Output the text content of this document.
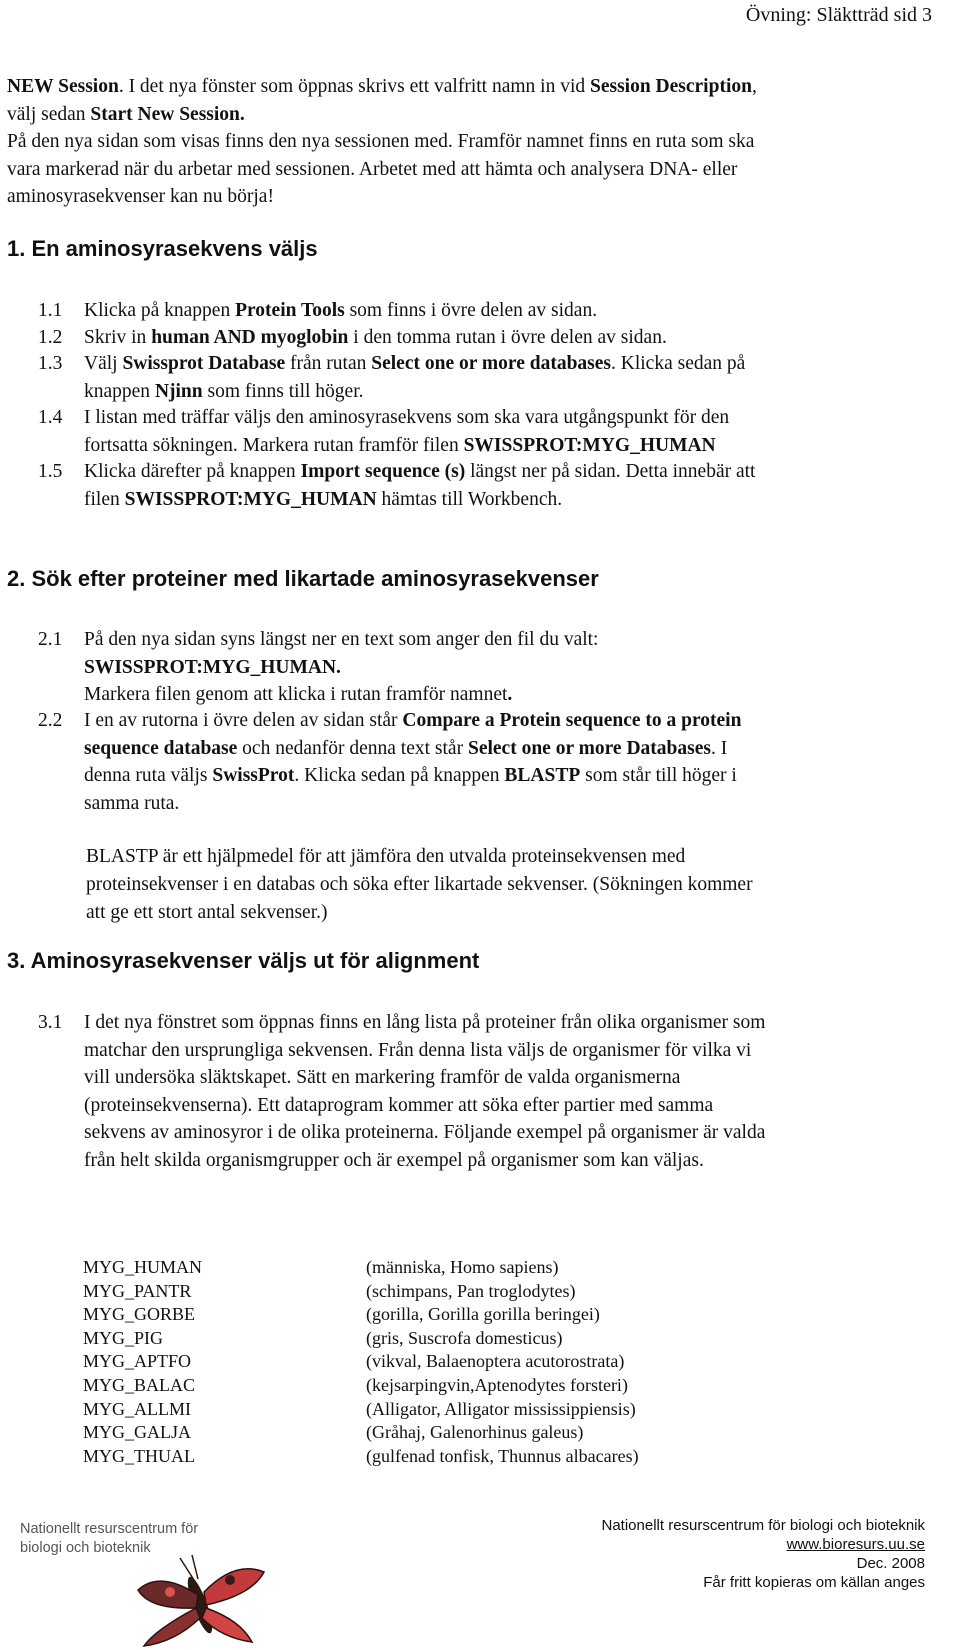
Övning: Släktträd sid 3
NEW Session. I det nya fönster som öppnas skrivs ett valfritt namn in vid Session Description,
välj sedan Start New Session.
På den nya sidan som visas finns den nya sessionen med. Framför namnet finns en ruta som ska
vara markerad när du arbetar med sessionen. Arbetet med att hämta och analysera DNA- eller
aminosyrasekvenser kan nu börja!
1. En aminosyrasekvens väljs
1.1 Klicka på knappen Protein Tools som finns i övre delen av sidan.
1.2 Skriv in human AND myoglobin i den tomma rutan i övre delen av sidan.
1.3 Välj Swissprot Database från rutan Select one or more databases. Klicka sedan på
knappen Njinn som finns till höger.
1.4 I listan med träffar väljs den aminosyrasekvens som ska vara utgångspunkt för den
fortsatta sökningen. Markera rutan framför filen SWISSPROT:MYG_HUMAN
1.5 Klicka därefter på knappen Import sequence (s) längst ner på sidan. Detta innebär att
filen SWISSPROT:MYG_HUMAN hämtas till Workbench.
2. Sök efter proteiner med likartade aminosyrasekvenser
2.1 På den nya sidan syns längst ner en text som anger den fil du valt:
SWISSPROT:MYG_HUMAN.
Markera filen genom att klicka i rutan framför namnet.
2.2 I en av rutorna i övre delen av sidan står Compare a Protein sequence to a protein
sequence database och nedanför denna text står Select one or more Databases. I
denna ruta väljs SwissProt. Klicka sedan på knappen BLASTP som står till höger i
samma ruta.
BLASTP är ett hjälpmedel för att jämföra den utvalda proteinsekvensen med
proteinsekvenser i en databas och söka efter likartade sekvenser. (Sökningen kommer
att ge ett stort antal sekvenser.)
3. Aminosyrasekvenser väljs ut för alignment
3.1 I det nya fönstret som öppnas finns en lång lista på proteiner från olika organismer som
matchar den ursprungliga sekvensen. Från denna lista väljs de organismer för vilka vi
vill undersöka släktskapet. Sätt en markering framför de valda organismerna
(proteinsekvenserna). Ett dataprogram kommer att söka efter partier med samma
sekvens av aminosyror i de olika proteinerna. Följande exempel på organismer är valda
från helt skilda organismgrupper och är exempel på organismer som kan väljas.
MYG_HUMAN	(människa, Homo sapiens)
MYG_PANTR	(schimpans, Pan troglodytes)
MYG_GORBE	(gorilla, Gorilla gorilla beringei)
MYG_PIG	(gris, Suscrofa domesticus)
MYG_APTFO	(vikval, Balaenoptera acutorostrata)
MYG_BALAC	(kejsarpingvin,Aptenodytes forsteri)
MYG_ALLMI	(Alligator, Alligator mississippiensis)
MYG_GALJA	(Gråhaj, Galenorhinus galeus)
MYG_THUAL	(gulfenad tonfisk, Thunnus albacares)
Nationellt resurscentrum för
biologi och bioteknik
Nationellt resurscentrum för biologi och bioteknik
www.bioresurs.uu.se
Dec. 2008
Får fritt kopieras om källan anges
